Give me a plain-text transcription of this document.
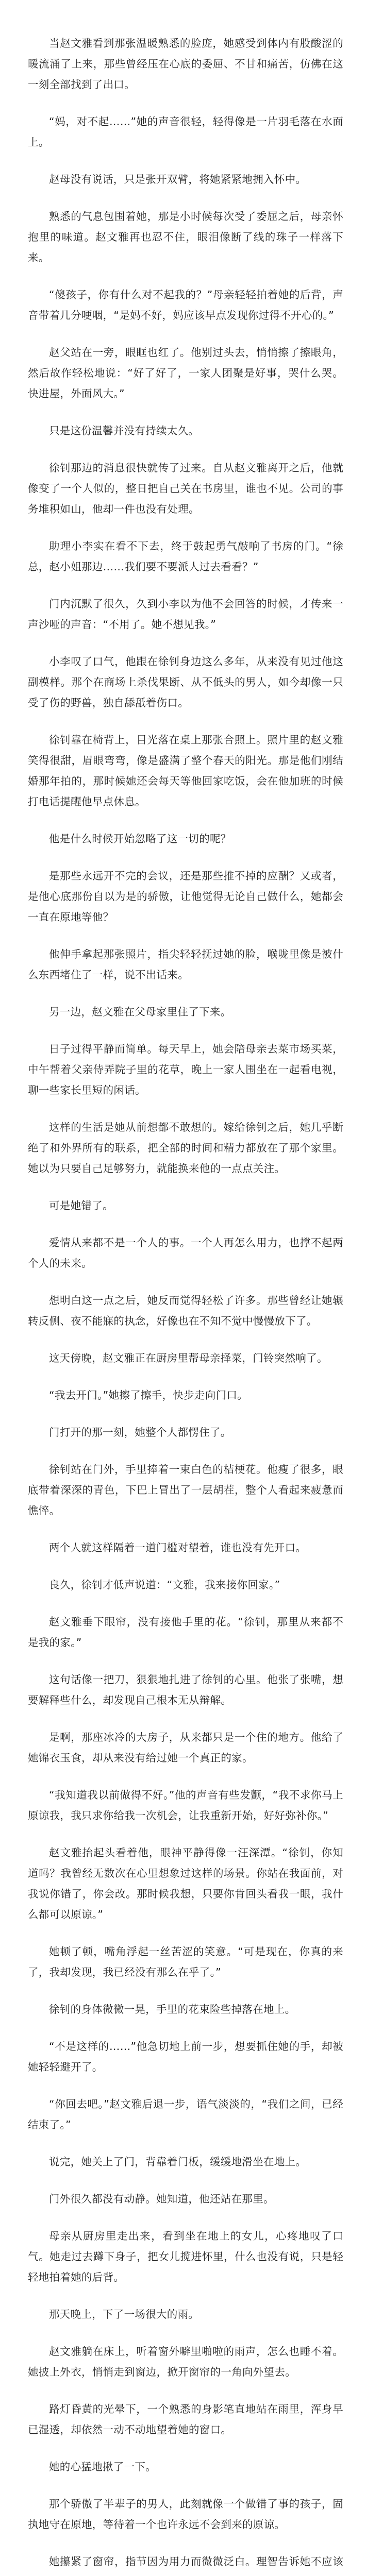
当赵文雅看到那张温暖熟悉的脸庞，她感受到体内有股酸涩的暖流涌了上来，那些曾经压在心底的委屈、不甘和痛苦，仿佛在这一刻全部找到了出口。

“妈，对不起……”她的声音很轻，轻得像是一片羽毛落在水面上。

赵母没有说话，只是张开双臂，将她紧紧地拥入怀中。

熟悉的气息包围着她，那是小时候每次受了委屈之后，母亲怀抱里的味道。赵文雅再也忍不住，眼泪像断了线的珠子一样落下来。

“傻孩子，你有什么对不起我的？”母亲轻轻拍着她的后背，声音带着几分哽咽，“是妈不好，妈应该早点发现你过得不开心的。”

赵父站在一旁，眼眶也红了。他别过头去，悄悄擦了擦眼角，然后故作轻松地说：“好了好了，一家人团聚是好事，哭什么哭。快进屋，外面风大。”

只是这份温馨并没有持续太久。

徐钊那边的消息很快就传了过来。自从赵文雅离开之后，他就像变了一个人似的，整日把自己关在书房里，谁也不见。公司的事务堆积如山，他却一件也没有处理。

助理小李实在看不下去，终于鼓起勇气敲响了书房的门。“徐总，赵小姐那边……我们要不要派人过去看看？”

门内沉默了很久，久到小李以为他不会回答的时候，才传来一声沙哑的声音：“不用了。她不想见我。”

小李叹了口气，他跟在徐钊身边这么多年，从来没有见过他这副模样。那个在商场上杀伐果断、从不低头的男人，如今却像一只受了伤的野兽，独自舔舐着伤口。

徐钊靠在椅背上，目光落在桌上那张合照上。照片里的赵文雅笑得很甜，眉眼弯弯，像是盛满了整个春天的阳光。那是他们刚结婚那年拍的，那时候她还会每天等他回家吃饭，会在他加班的时候打电话提醒他早点休息。

他是什么时候开始忽略了这一切的呢？

是那些永远开不完的会议，还是那些推不掉的应酬？又或者，是他心底那份自以为是的骄傲，让他觉得无论自己做什么，她都会一直在原地等他？

他伸手拿起那张照片，指尖轻轻抚过她的脸，喉咙里像是被什么东西堵住了一样，说不出话来。

另一边，赵文雅在父母家里住了下来。

日子过得平静而简单。每天早上，她会陪母亲去菜市场买菜，中午帮着父亲侍弄院子里的花草，晚上一家人围坐在一起看电视，聊一些家长里短的闲话。

这样的生活是她从前想都不敢想的。嫁给徐钊之后，她几乎断绝了和外界所有的联系，把全部的时间和精力都放在了那个家里。她以为只要自己足够努力，就能换来他的一点点关注。

可是她错了。

爱情从来都不是一个人的事。一个人再怎么用力，也撑不起两个人的未来。

想明白这一点之后，她反而觉得轻松了许多。那些曾经让她辗转反侧、夜不能寐的执念，好像也在不知不觉中慢慢放下了。

这天傍晚，赵文雅正在厨房里帮母亲择菜，门铃突然响了。

“我去开门。”她擦了擦手，快步走向门口。

门打开的那一刻，她整个人都愣住了。

徐钊站在门外，手里捧着一束白色的桔梗花。他瘦了很多，眼底带着深深的青色，下巴上冒出了一层胡茬，整个人看起来疲惫而憔悴。

两个人就这样隔着一道门槛对望着，谁也没有先开口。

良久，徐钊才低声说道：“文雅，我来接你回家。”

赵文雅垂下眼帘，没有接他手里的花。“徐钊，那里从来都不是我的家。”

这句话像一把刀，狠狠地扎进了徐钊的心里。他张了张嘴，想要解释些什么，却发现自己根本无从辩解。

是啊，那座冰冷的大房子，从来都只是一个住的地方。他给了她锦衣玉食，却从来没有给过她一个真正的家。

“我知道我以前做得不好。”他的声音有些发颤，“我不求你马上原谅我，我只求你给我一次机会，让我重新开始，好好弥补你。”

赵文雅抬起头看着他，眼神平静得像一汪深潭。“徐钊，你知道吗？我曾经无数次在心里想象过这样的场景。你站在我面前，对我说你错了，你会改。那时候我想，只要你肯回头看我一眼，我什么都可以原谅。”

她顿了顿，嘴角浮起一丝苦涩的笑意。“可是现在，你真的来了，我却发现，我已经没有那么在乎了。”

徐钊的身体微微一晃，手里的花束险些掉落在地上。

“不是这样的……”他急切地上前一步，想要抓住她的手，却被她轻轻避开了。

“你回去吧。”赵文雅后退一步，语气淡淡的，“我们之间，已经结束了。”

说完，她关上了门，背靠着门板，缓缓地滑坐在地上。

门外很久都没有动静。她知道，他还站在那里。

母亲从厨房里走出来，看到坐在地上的女儿，心疼地叹了口气。她走过去蹲下身子，把女儿揽进怀里，什么也没有说，只是轻轻地拍着她的后背。

那天晚上，下了一场很大的雨。

赵文雅躺在床上，听着窗外噼里啪啦的雨声，怎么也睡不着。她披上外衣，悄悄走到窗边，掀开窗帘的一角向外望去。

路灯昏黄的光晕下，一个熟悉的身影笔直地站在雨里，浑身早已湿透，却依然一动不动地望着她的窗口。

她的心猛地揪了一下。

那个骄傲了半辈子的男人，此刻就像一个做错了事的孩子，固执地守在原地，等待着一个也许永远不会到来的原谅。

她攥紧了窗帘，指节因为用力而微微泛白。理智告诉她不应该
